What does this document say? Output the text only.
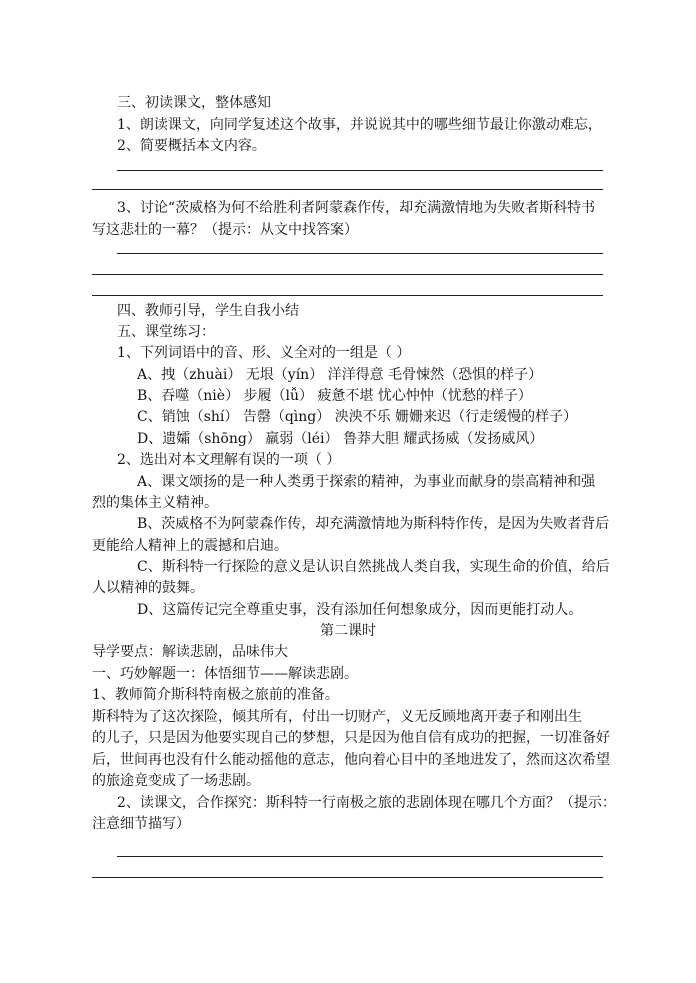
三、初读课文，整体感知
1、朗读课文，向同学复述这个故事，并说说其中的哪些细节最让你激动难忘，
2、简要概括本文内容。
3、讨论“茨威格为何不给胜利者阿蒙森作传，却充满激情地为失败者斯科特书
写这悲壮的一幕？（提示：从文中找答案）
四、教师引导，学生自我小结
五、课堂练习：
1、下列词语中的音、形、义全对的一组是（ ）
A、拽（zhuài） 无垠（yín） 洋洋得意 毛骨悚然（恐惧的样子）
B、吞噬（niè） 步履（lǚ） 疲惫不堪 忧心忡忡（忧愁的样子）
C、销蚀（shí） 告罄（qìng） 泱泱不乐 姗姗来迟（行走缓慢的样子）
D、遗孀（shōng） 羸弱（léi） 鲁莽大胆 耀武扬威（发扬威风）
2、选出对本文理解有误的一项（ ）
A、课文颂扬的是一种人类勇于探索的精神，为事业而献身的崇高精神和强
烈的集体主义精神。
B、茨威格不为阿蒙森作传，却充满激情地为斯科特作传，是因为失败者背后
更能给人精神上的震撼和启迪。
C、斯科特一行探险的意义是认识自然挑战人类自我，实现生命的价值，给后
人以精神的鼓舞。
D、这篇传记完全尊重史事，没有添加任何想象成分，因而更能打动人。
第二课时
导学要点：解读悲剧，品味伟大
一、巧妙解题一：体悟细节——解读悲剧。
1、教师简介斯科特南极之旅前的准备。
斯科特为了这次探险，倾其所有，付出一切财产，义无反顾地离开妻子和刚出生
的儿子，只是因为他要实现自己的梦想，只是因为他自信有成功的把握，一切准备好
后，世间再也没有什么能动摇他的意志，他向着心目中的圣地进发了，然而这次希望
的旅途竟变成了一场悲剧。
2、读课文，合作探究：斯科特一行南极之旅的悲剧体现在哪几个方面？（提示：
注意细节描写）
